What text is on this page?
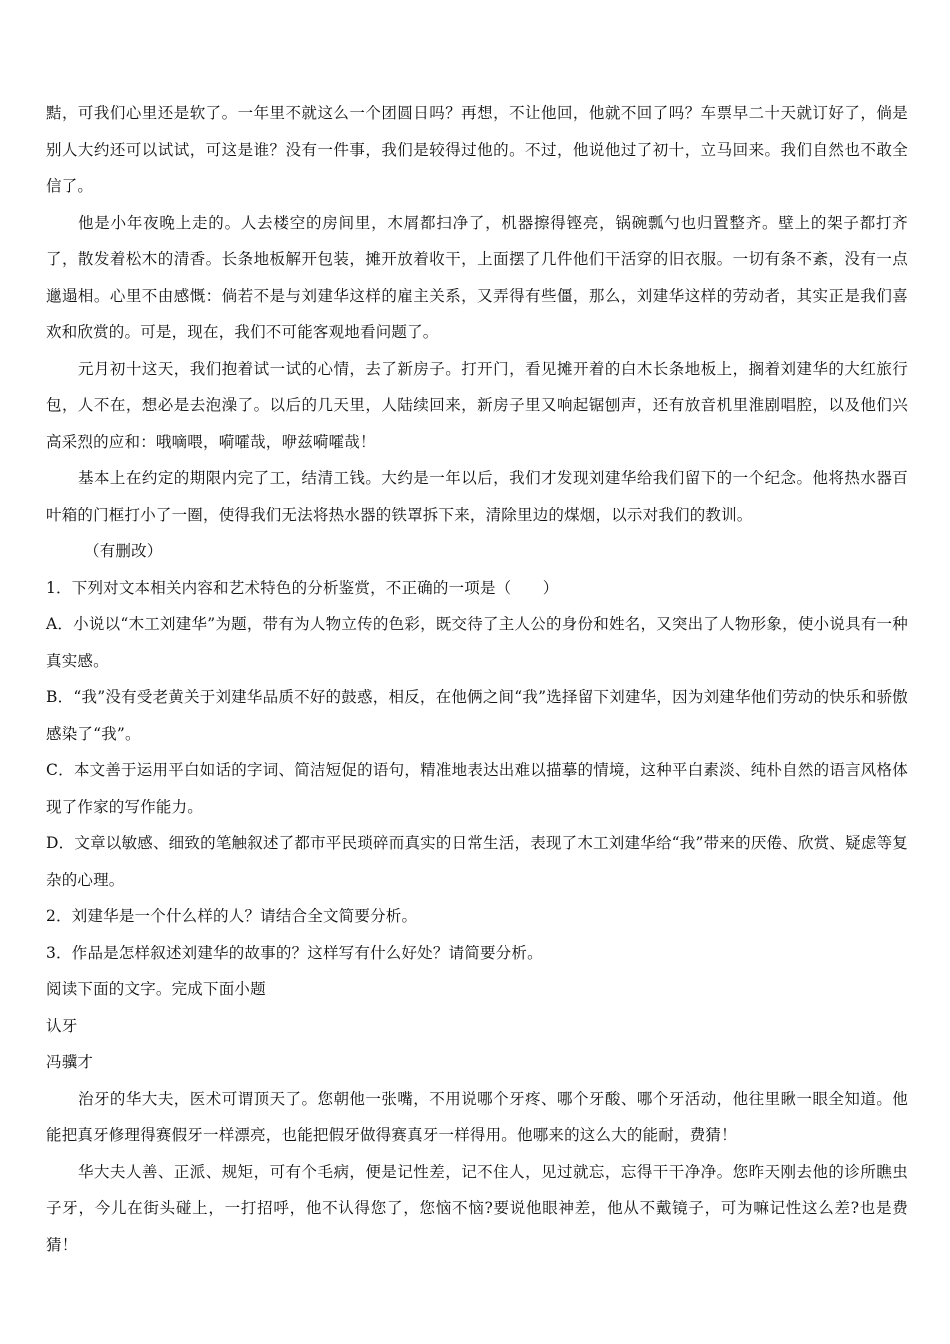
黠，可我们心里还是软了。一年里不就这么一个团圆日吗？再想，不让他回，他就不回了吗？车票早二十天就订好了，倘是别人大约还可以试试，可这是谁？没有一件事，我们是较得过他的。不过，他说他过了初十，立马回来。我们自然也不敢全信了。

他是小年夜晚上走的。人去楼空的房间里，木屑都扫净了，机器擦得铿亮，锅碗瓢勺也归置整齐。壁上的架子都打齐了，散发着松木的清香。长条地板解开包装，摊开放着收干，上面摆了几件他们干活穿的旧衣服。一切有条不紊，没有一点邋遢相。心里不由感慨：倘若不是与刘建华这样的雇主关系，又弄得有些僵，那么，刘建华这样的劳动者，其实正是我们喜欢和欣赏的。可是，现在，我们不可能客观地看问题了。

元月初十这天，我们抱着试一试的心情，去了新房子。打开门，看见摊开着的白木长条地板上，搁着刘建华的大红旅行包，人不在，想必是去泡澡了。以后的几天里，人陆续回来，新房子里又响起锯刨声，还有放音机里淮剧唱腔，以及他们兴高采烈的应和：哦嘀喂，嗬嚯哉，咿兹嗬嚯哉！

基本上在约定的期限内完了工，结清工钱。大约是一年以后，我们才发现刘建华给我们留下的一个纪念。他将热水器百叶箱的门框打小了一圈，使得我们无法将热水器的铁罩拆下来，清除里边的煤烟，以示对我们的教训。

（有删改）

1．下列对文本相关内容和艺术特色的分析鉴赏，不正确的一项是（　　）

A．小说以“木工刘建华”为题，带有为人物立传的色彩，既交待了主人公的身份和姓名，又突出了人物形象，使小说具有一种真实感。

B．“我”没有受老黄关于刘建华品质不好的鼓惑，相反，在他俩之间“我”选择留下刘建华，因为刘建华他们劳动的快乐和骄傲感染了“我”。

C．本文善于运用平白如话的字词、简洁短促的语句，精准地表达出难以描摹的情境，这种平白素淡、纯朴自然的语言风格体现了作家的写作能力。

D．文章以敏感、细致的笔触叙述了都市平民琐碎而真实的日常生活，表现了木工刘建华给“我”带来的厌倦、欣赏、疑虑等复杂的心理。

2．刘建华是一个什么样的人？请结合全文简要分析。

3．作品是怎样叙述刘建华的故事的？这样写有什么好处？请简要分析。

阅读下面的文字。完成下面小题

认牙

冯骥才

治牙的华大夫，医术可谓顶天了。您朝他一张嘴，不用说哪个牙疼、哪个牙酸、哪个牙活动，他往里瞅一眼全知道。他能把真牙修理得赛假牙一样漂亮，也能把假牙做得赛真牙一样得用。他哪来的这么大的能耐，费猜！

华大夫人善、正派、规矩，可有个毛病，便是记性差，记不住人，见过就忘，忘得干干净净。您昨天刚去他的诊所瞧虫子牙，今儿在街头碰上，一打招呼，他不认得您了，您恼不恼?要说他眼神差，他从不戴镜子，可为嘛记性这么差?也是费猜！
